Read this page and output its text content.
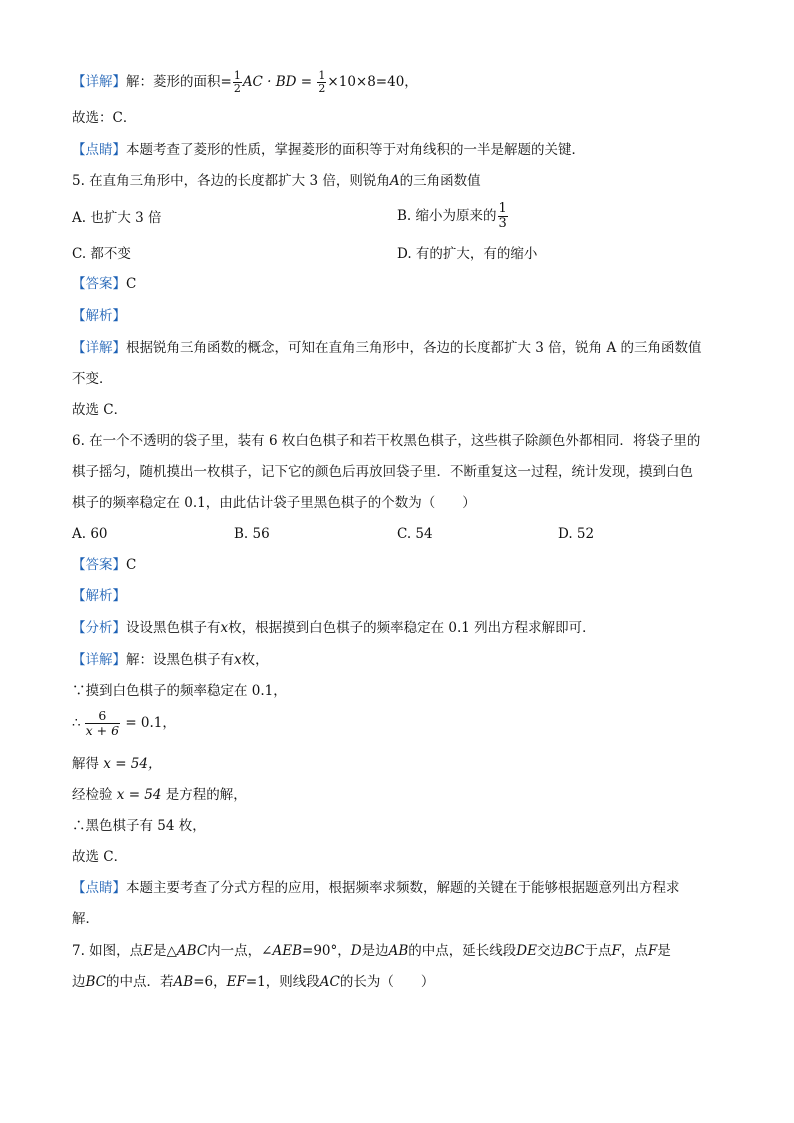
【详解】解：菱形的面积= $\frac{1}{2}$ AC · BD = $\frac{1}{2} \times 10\times 8=40$，
故选：C．
【点睛】本题考查了菱形的性质，掌握菱形的面积等于对角线积的一半是解题的关键．
5. 在直角三角形中，各边的长度都扩大 3 倍，则锐角A的三角函数值
A. 也扩大 3 倍	B. 缩小为原来的 $\frac{1}{3}$
C. 都不变	D. 有的扩大，有的缩小
【答案】C
【解析】
【详解】根据锐角三角函数的概念，可知在直角三角形中，各边的长度都扩大 3 倍，锐角 A 的三角函数值
不变．
故选 C．
6. 在一个不透明的袋子里，装有 6 枚白色棋子和若干枚黑色棋子，这些棋子除颜色外都相同．将袋子里的
棋子摇匀，随机摸出一枚棋子，记下它的颜色后再放回袋子里．不断重复这一过程，统计发现，摸到白色
棋子的频率稳定在 0.1，由此估计袋子里黑色棋子的个数为（　　）
A. 60	B. 56	C. 54	D. 52
【答案】C
【解析】
【分析】设设黑色棋子有x枚，根据摸到白色棋子的频率稳定在 0.1 列出方程求解即可．
【详解】解：设黑色棋子有x枚，
∵摸到白色棋子的频率稳定在 0.1，
∴ $\frac{6}{x + 6} = 0.1$，
解得 x = 54，
经检验 x = 54 是方程的解，
∴黑色棋子有 54 枚，
故选 C．
【点睛】本题主要考查了分式方程的应用，根据频率求频数，解题的关键在于能够根据题意列出方程求
解．
7. 如图，点E是△ABC内一点，∠AEB=90°，D是边AB的中点，延长线段DE交边BC于点F，点F是
边BC的中点．若AB=6，EF=1，则线段AC的长为（　　）
